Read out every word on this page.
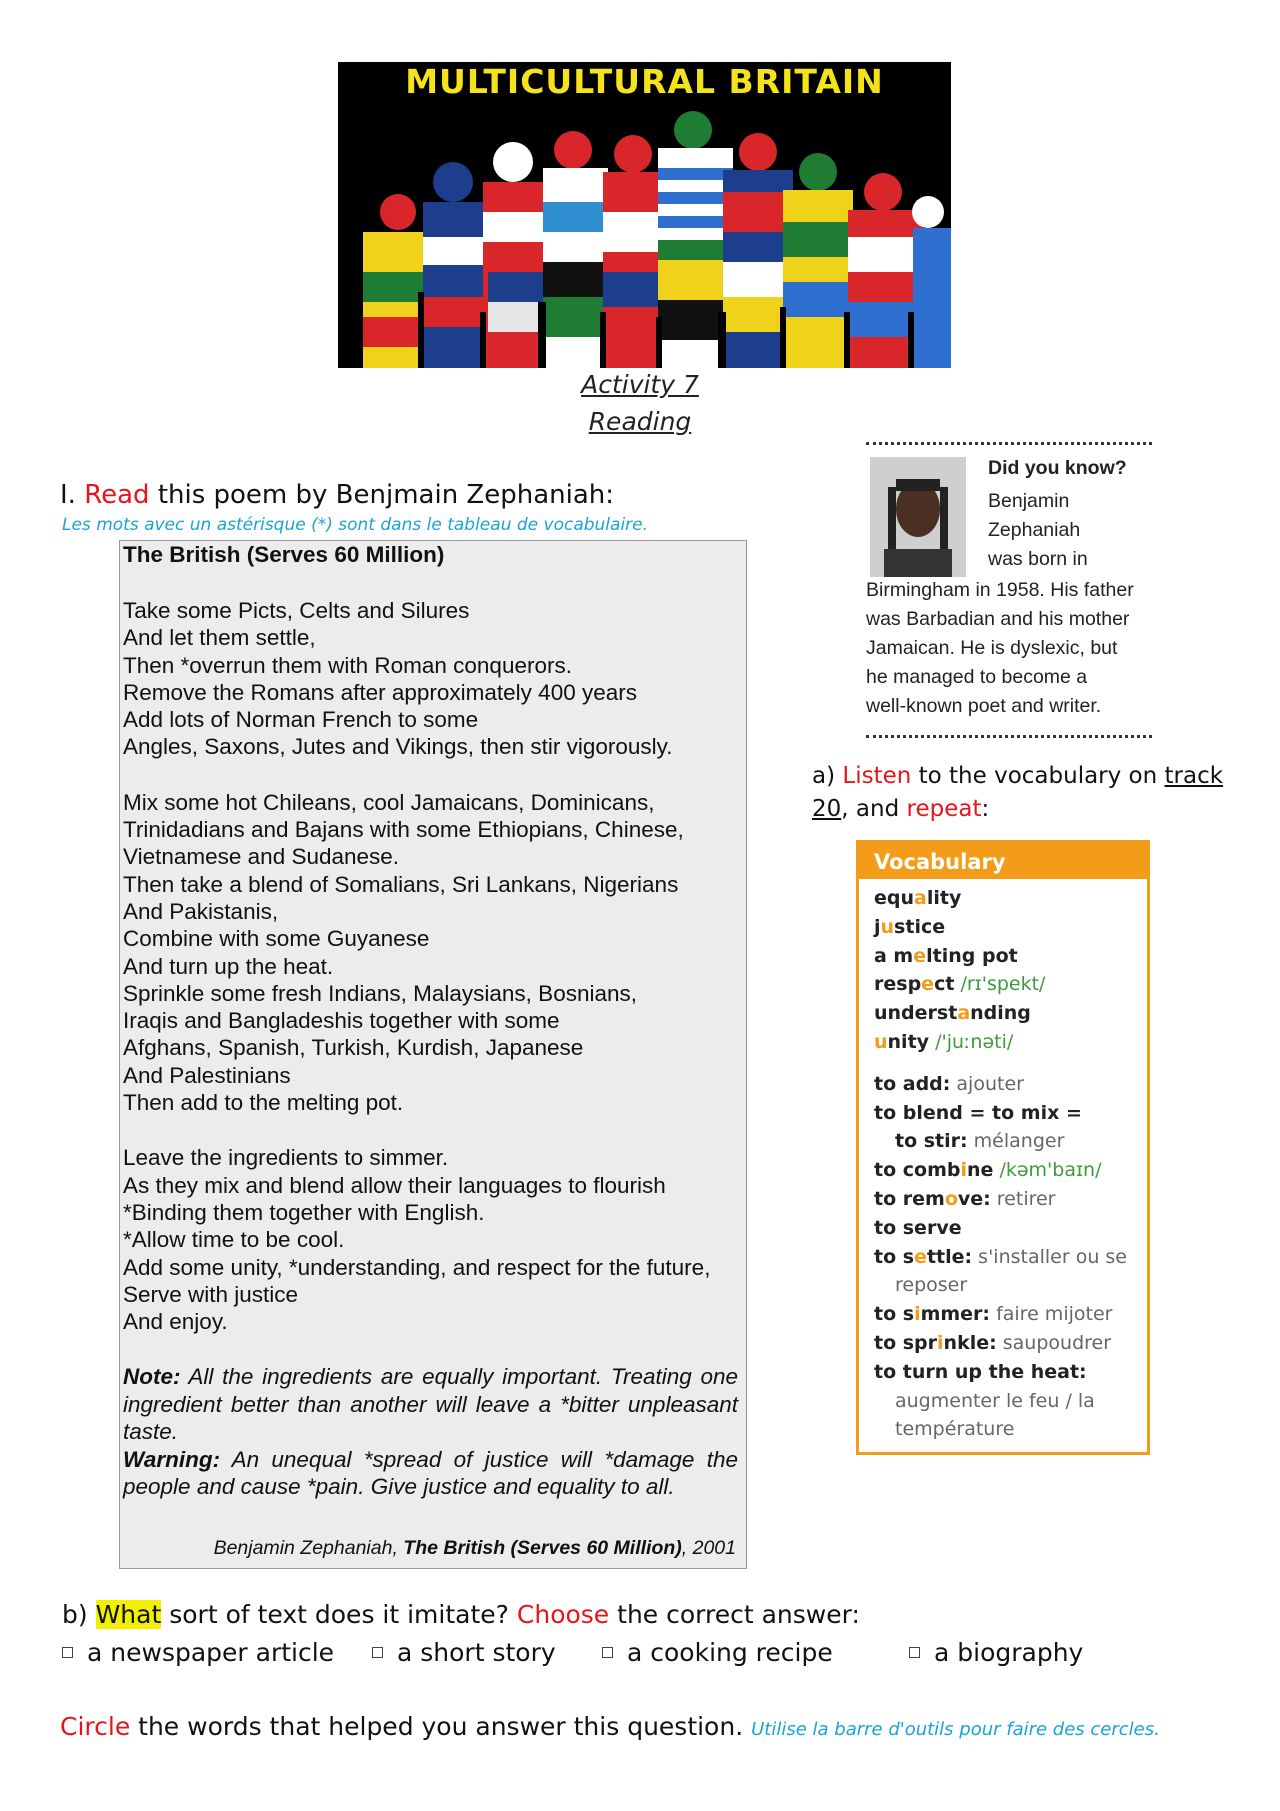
MULTICULTURAL BRITAIN
Activity 7
Reading
I. Read this poem by Benjmain Zephaniah:
Les mots avec un astérisque (*) sont dans le tableau de vocabulaire.
The British (Serves 60 Million)
Take some Picts, Celts and Silures
And let them settle,
Then *overrun them with Roman conquerors.
Remove the Romans after approximately 400 years
Add lots of Norman French to some
Angles, Saxons, Jutes and Vikings, then stir vigorously.
Mix some hot Chileans, cool Jamaicans, Dominicans,
Trinidadians and Bajans with some Ethiopians, Chinese,
Vietnamese and Sudanese.
Then take a blend of Somalians, Sri Lankans, Nigerians
And Pakistanis,
Combine with some Guyanese
And turn up the heat.
Sprinkle some fresh Indians, Malaysians, Bosnians,
Iraqis and Bangladeshis together with some
Afghans, Spanish, Turkish, Kurdish, Japanese
And Palestinians
Then add to the melting pot.
Leave the ingredients to simmer.
As they mix and blend allow their languages to flourish
*Binding them together with English.
*Allow time to be cool.
Add some unity, *understanding, and respect for the future,
Serve with justice
And enjoy.
Note: All the ingredients are equally important. Treating one ingredient better than another will leave a *bitter unpleasant taste.
Warning: An unequal *spread of justice will *damage the people and cause *pain. Give justice and equality to all.
Benjamin Zephaniah, The British (Serves 60 Million), 2001
Did you know?
Benjamin
Zephaniah
was born in
Birmingham in 1958. His father
was Barbadian and his mother
Jamaican. He is dyslexic, but
he managed to become a
well-known poet and writer.
a) Listen to the vocabulary on track
20, and repeat:
Vocabulary
equality
justice
a melting pot
respect /rɪ'spekt/
understanding
unity /'juːnəti/
to add: ajouter
to blend = to mix =
to stir: mélanger
to combine /kəm'baɪn/
to remove: retirer
to serve
to settle: s'installer ou se
reposer
to simmer: faire mijoter
to sprinkle: saupoudrer
to turn up the heat:
augmenter le feu / la
température
b) What sort of text does it imitate? Choose the correct answer:
a newspaper article	a short story	a cooking recipe	a biography
Circle the words that helped you answer this question. Utilise la barre d'outils pour faire des cercles.
